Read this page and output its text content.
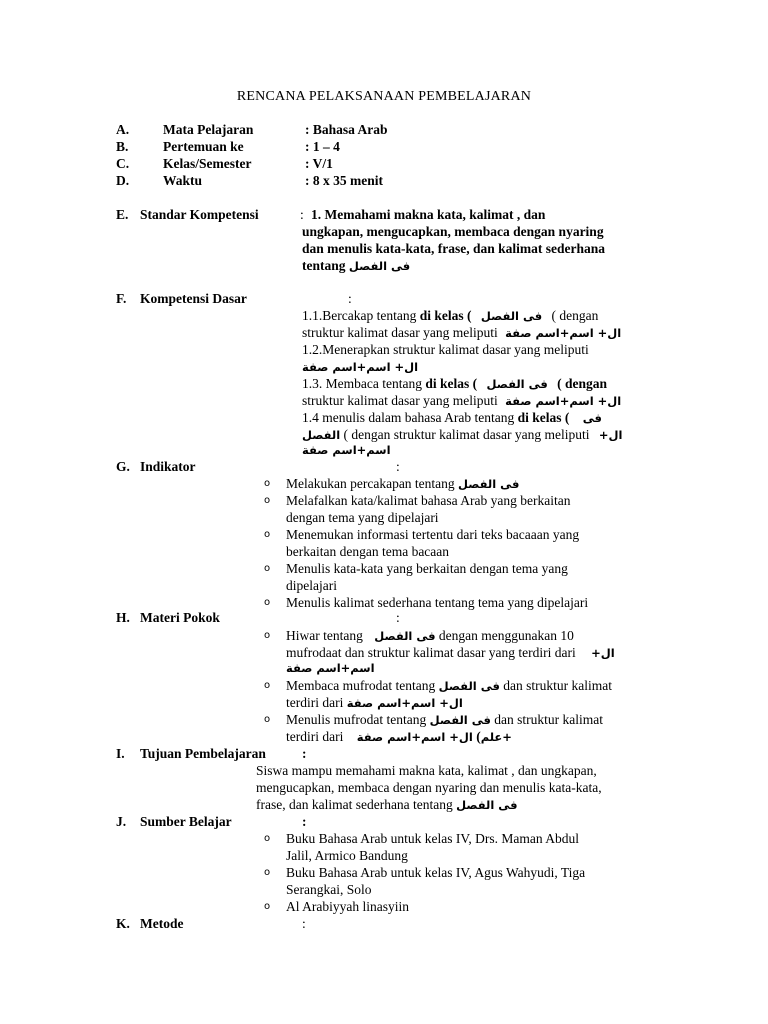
RENCANA PELAKSANAAN PEMBELAJARAN
A.	Mata Pelajaran	: Bahasa Arab
B.	Pertemuan ke	: 1 – 4
C.	Kelas/Semester	: V/1
D.	Waktu	: 8 x 35 menit
E. Standar Kompetensi	: 1. Memahami makna kata, kalimat , dan
ungkapan, mengucapkan, membaca dengan nyaring
dan menulis kata-kata, frase, dan kalimat sederhana
tentang فى الفصل
F. Kompetensi Dasar	:
1.1.Bercakap tentang di kelas ( فى الفصل ( dengan
struktur kalimat dasar yang meliputi ال+ اسم+اسم صفة
1.2.Menerapkan struktur kalimat dasar yang meliputi
ال+ اسم+اسم صفة
1.3. Membaca tentang di kelas ( فى الفصل ( dengan
struktur kalimat dasar yang meliputi ال+ اسم+اسم صفة
1.4 menulis dalam bahasa Arab tentang di kelas ( فى
الفصل ( dengan struktur kalimat dasar yang meliputi ال+
اسم+اسم صفة
G. Indikator	:
o Melakukan percakapan tentang فى الفصل
o Melafalkan kata/kalimat bahasa Arab yang berkaitan
dengan tema yang dipelajari
o Menemukan informasi tertentu dari teks bacaaan yang
berkaitan dengan tema bacaan
o Menulis kata-kata yang berkaitan dengan tema yang
dipelajari
o Menulis kalimat sederhana tentang tema yang dipelajari
H. Materi Pokok	:
o Hiwar tentang فى الفصل dengan menggunakan 10
mufrodaat dan struktur kalimat dasar yang terdiri dari ال+
اسم+اسم صفة
o Membaca mufrodat tentang فى الفصل dan struktur kalimat
terdiri dari ال+ اسم+اسم صفة
o Menulis mufrodat tentang فى الفصل dan struktur kalimat
terdiri dari	+علم) ال+ اسم+اسم صفة
I. Tujuan Pembelajaran	:
Siswa mampu memahami makna kata, kalimat , dan ungkapan,
mengucapkan, membaca dengan nyaring dan menulis kata-kata,
frase, dan kalimat sederhana tentang فى الفصل
J. Sumber Belajar	:
o Buku Bahasa Arab untuk kelas IV, Drs. Maman Abdul
Jalil, Armico Bandung
o Buku Bahasa Arab untuk kelas IV, Agus Wahyudi, Tiga
Serangkai, Solo
o Al Arabiyyah linasyiin
K. Metode	:
